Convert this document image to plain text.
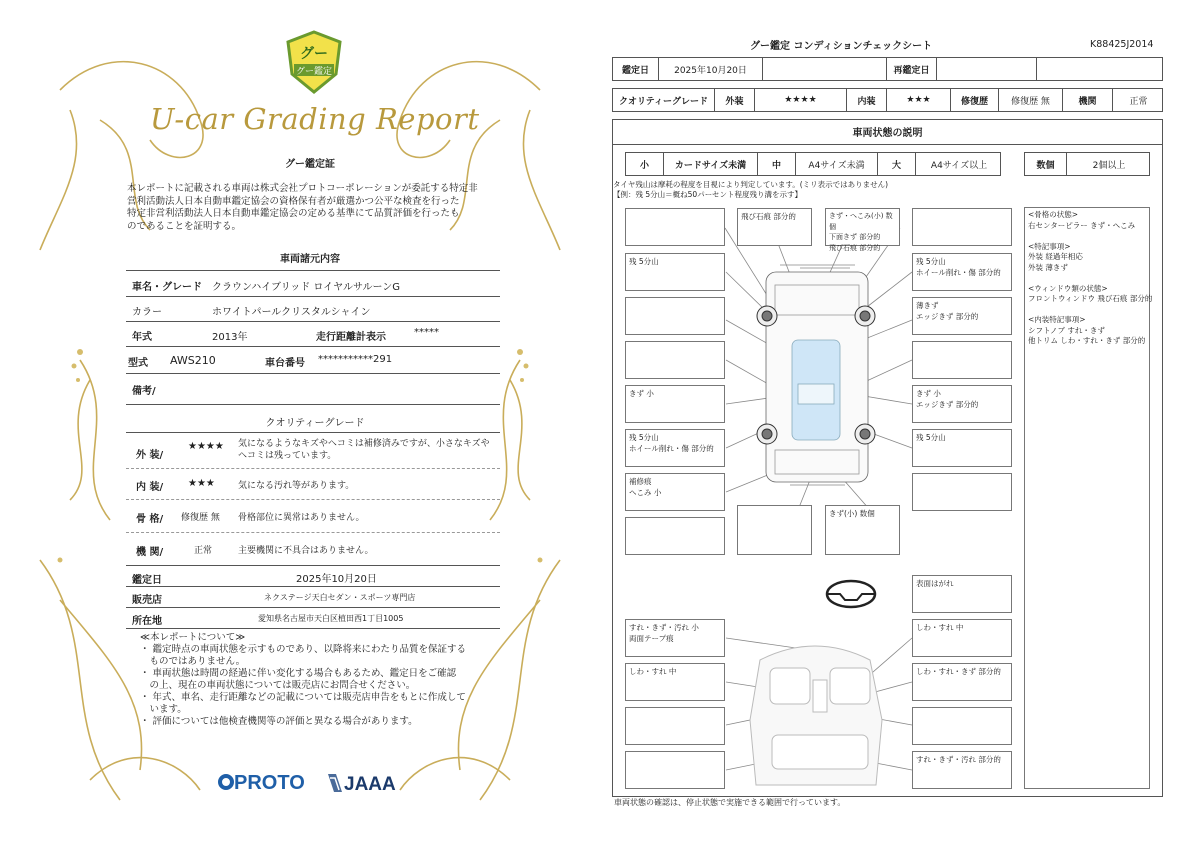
グー
グー鑑定
U-car Grading Report
グー鑑定証
本レポートに記載される車両は株式会社プロトコーポレーションが委託する特定非
営利活動法人日本自動車鑑定協会の資格保有者が厳選かつ公平な検査を行った
特定非営利活動法人日本自動車鑑定協会の定める基準にて品質評価を行ったも
のであることを証明する。
車両諸元内容
車名・グレード クラウンハイブリッド ロイヤルサルーンG
カラー	ホワイトパールクリスタルシャイン
年式	2013年	走行距離計表示	*****
型式 AWS210	車台番号 ***********291
備考/
クオリティーグレード
外 装/
★★★★ 気になるようなキズやヘコミは補修済みですが、小さなキズや
ヘコミは残っています。
内 装/ ★★★	気になる汚れ等があります。
骨 格/ 修復歴 無 骨格部位に異常はありません。
機 関/	正常	主要機関に不具合はありません。
鑑定日	2025年10月20日
販売店	ネクステージ天白セダン・スポーツ専門店
所在地	愛知県名古屋市天白区植田西1丁目1005
≪本レポートについて≫
・ 鑑定時点の車両状態を示すものであり、以降将来にわたり品質を保証する
　ものではありません。
・ 車両状態は時間の経過に伴い変化する場合もあるため、鑑定日をご確認
　の上、現在の車両状態については販売店にお問合せください。
・ 年式、車名、走行距離などの記載については販売店申告をもとに作成して
　います。
・ 評価については他検査機関等の評価と異なる場合があります。
PROTO	JAAA
グー鑑定 コンディションチェックシート	K88425J2014
鑑定日	2025年10月20日	再鑑定日
クオリティーグレード	外装	★★★★	内装	★★★	修復歴	修復歴 無	機関	正常
車両状態の説明
小	カードサイズ未満	中	A4サイズ未満	大	A4サイズ以上	数個	2個以上
タイヤ残山は摩耗の程度を目視により判定しています。(ミリ表示ではありません)
【例：残 5分山＝概ね50パーセント程度残り溝を示す】
飛び石痕 部分的	きず・へこみ(小) 数個
下面きず 部分的
飛び石痕 部分的
残 5分山	残 5分山
ホイール削れ・傷 部分的
薄きず
エッジきず 部分的
きず 小	きず 小
エッジきず 部分的
残 5分山
ホイール削れ・傷 部分的
残 5分山
補修痕
へこみ 小
きず(小) 数個
表面はがれ
すれ・きず・汚れ 小
両面テープ痕
しわ・すれ 中
しわ・すれ 中	しわ・すれ・きず 部分的
すれ・きず・汚れ 部分的
<骨格の状態>
右センターピラー きず・へこみ

<特記事項>
外装 経過年相応
外装 薄きず

<ウィンドウ類の状態>
フロントウィンドウ 飛び石痕 部分的

<内装特記事項>
シフトノブ すれ・きず
他トリム しわ・すれ・きず 部分的
車両状態の確認は、停止状態で実施できる範囲で行っています。
